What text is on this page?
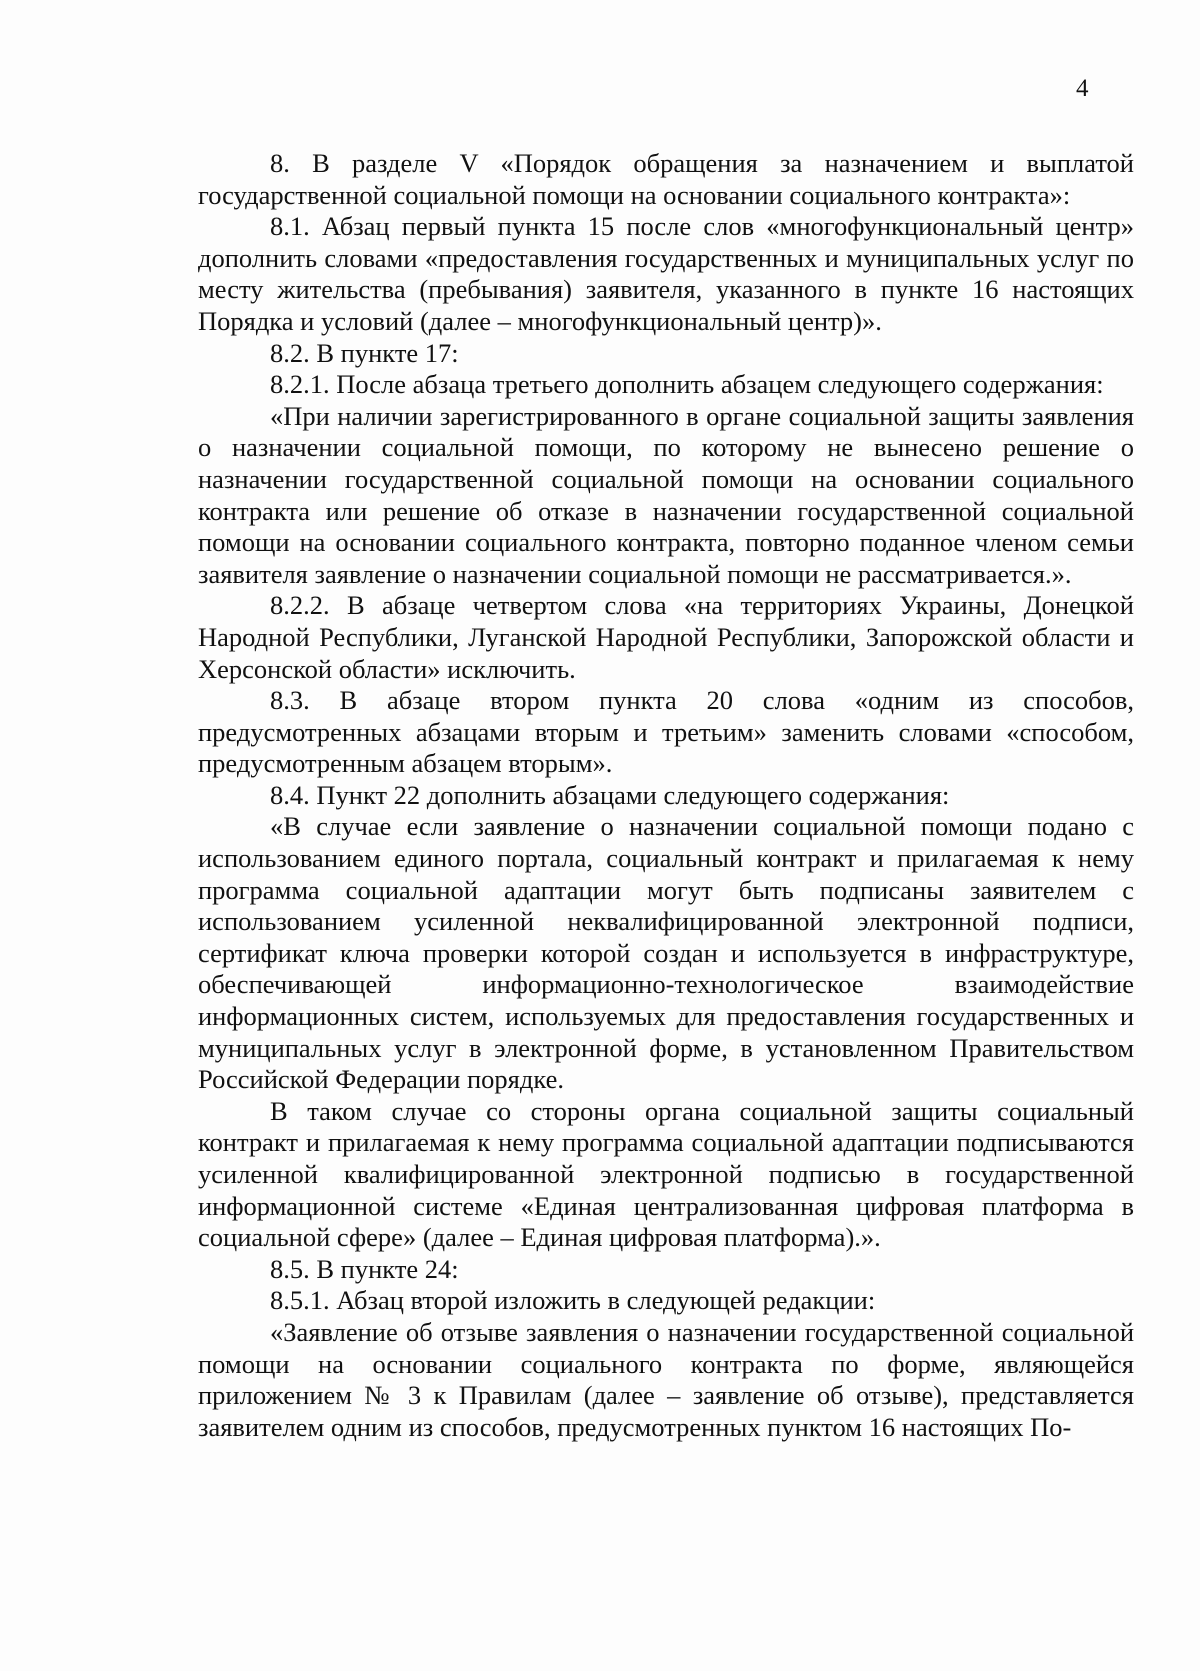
4

8. В разделе V «Порядок обращения за назначением и выплатой государственной социальной помощи на основании социального контракта»:

8.1. Абзац первый пункта 15 после слов «многофункциональный центр» дополнить словами «предоставления государственных и муниципальных услуг по месту жительства (пребывания) заявителя, указанного в пункте 16 настоящих Порядка и условий (далее – многофункциональный центр)».

8.2. В пункте 17:

8.2.1. После абзаца третьего дополнить абзацем следующего содержания:

«При наличии зарегистрированного в органе социальной защиты заявления о назначении социальной помощи, по которому не вынесено решение о назначении государственной социальной помощи на основании социального контракта или решение об отказе в назначении государственной социальной помощи на основании социального контракта, повторно поданное членом семьи заявителя заявление о назначении социальной помощи не рассматривается.».

8.2.2. В абзаце четвертом слова «на территориях Украины, Донецкой Народной Республики, Луганской Народной Республики, Запорожской области и Херсонской области» исключить.

8.3. В абзаце втором пункта 20 слова «одним из способов, предусмотренных абзацами вторым и третьим» заменить словами «способом, предусмотренным абзацем вторым».

8.4. Пункт 22 дополнить абзацами следующего содержания:

«В случае если заявление о назначении социальной помощи подано с использованием единого портала, социальный контракт и прилагаемая к нему программа социальной адаптации могут быть подписаны заявителем с использованием усиленной неквалифицированной электронной подписи, сертификат ключа проверки которой создан и используется в инфраструктуре, обеспечивающей информационно-технологическое взаимодействие информационных систем, используемых для предоставления государственных и муниципальных услуг в электронной форме, в установленном Правительством Российской Федерации порядке.

В таком случае со стороны органа социальной защиты социальный контракт и прилагаемая к нему программа социальной адаптации подписываются усиленной квалифицированной электронной подписью в государственной информационной системе «Единая централизованная цифровая платформа в социальной сфере» (далее – Единая цифровая платформа).».

8.5. В пункте 24:

8.5.1. Абзац второй изложить в следующей редакции:

«Заявление об отзыве заявления о назначении государственной социальной помощи на основании социального контракта по форме, являющейся приложением № 3 к Правилам (далее – заявление об отзыве), представляется заявителем одним из способов, предусмотренных пунктом 16 настоящих По-
